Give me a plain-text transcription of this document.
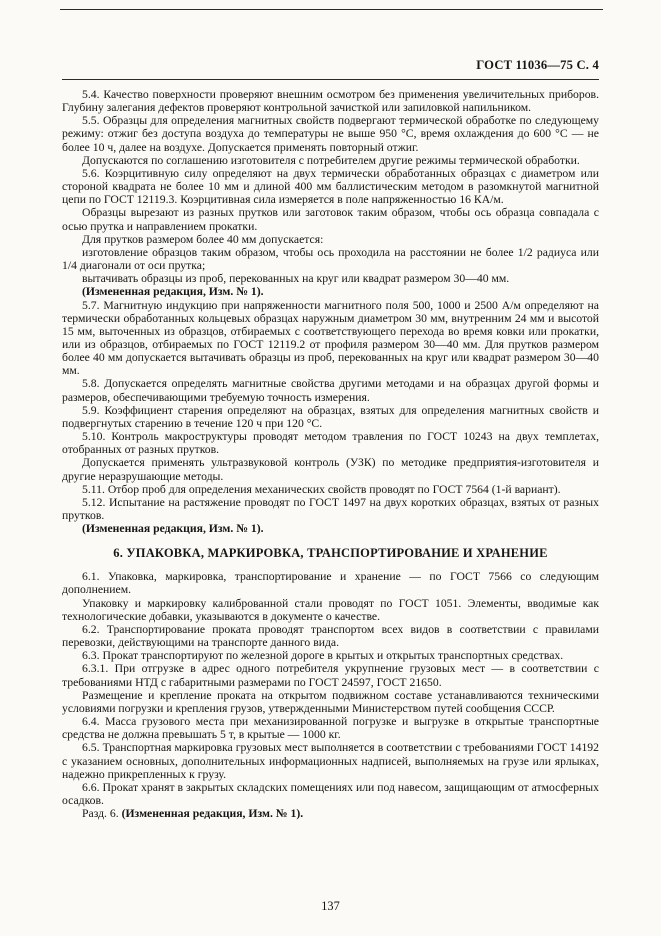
ГОСТ 11036—75 С. 4

5.4. Качество поверхности проверяют внешним осмотром без применения увеличительных приборов. Глубину залегания дефектов проверяют контрольной зачисткой или запиловкой напильником.

5.5. Образцы для определения магнитных свойств подвергают термической обработке по следующему режиму: отжиг без доступа воздуха до температуры не выше 950 °С, время охлаждения до 600 °С — не более 10 ч, далее на воздухе. Допускается применять повторный отжиг.

Допускаются по соглашению изготовителя с потребителем другие режимы термической обработки.

5.6. Коэрцитивную силу определяют на двух термически обработанных образцах с диаметром или стороной квадрата не более 10 мм и длиной 400 мм баллистическим методом в разомкнутой магнитной цепи по ГОСТ 12119.3. Коэрцитивная сила измеряется в поле напряженностью 16 КА/м.

Образцы вырезают из разных прутков или заготовок таким образом, чтобы ось образца совпадала с осью прутка и направлением прокатки.

Для прутков размером более 40 мм допускается:

изготовление образцов таким образом, чтобы ось проходила на расстоянии не более 1/2 радиуса или 1/4 диагонали от оси прутка;

вытачивать образцы из проб, перекованных на круг или квадрат размером 30—40 мм.

(Измененная редакция, Изм. № 1).

5.7. Магнитную индукцию при напряженности магнитного поля 500, 1000 и 2500 А/м определяют на термически обработанных кольцевых образцах наружным диаметром 30 мм, внутренним 24 мм и высотой 15 мм, выточенных из образцов, отбираемых с соответствующего перехода во время ковки или прокатки, или из образцов, отбираемых по ГОСТ 12119.2 от профиля размером 30—40 мм. Для прутков размером более 40 мм допускается вытачивать образцы из проб, перекованных на круг или квадрат размером 30—40 мм.

5.8. Допускается определять магнитные свойства другими методами и на образцах другой формы и размеров, обеспечивающими требуемую точность измерения.

5.9. Коэффициент старения определяют на образцах, взятых для определения магнитных свойств и подвергнутых старению в течение 120 ч при 120 °С.

5.10. Контроль макроструктуры проводят методом травления по ГОСТ 10243 на двух темплетах, отобранных от разных прутков.

Допускается применять ультразвуковой контроль (УЗК) по методике предприятия-изготовителя и другие неразрушающие методы.

5.11. Отбор проб для определения механических свойств проводят по ГОСТ 7564 (1-й вариант).

5.12. Испытание на растяжение проводят по ГОСТ 1497 на двух коротких образцах, взятых от разных прутков.

(Измененная редакция, Изм. № 1).

6. УПАКОВКА, МАРКИРОВКА, ТРАНСПОРТИРОВАНИЕ И ХРАНЕНИЕ

6.1. Упаковка, маркировка, транспортирование и хранение — по ГОСТ 7566 со следующим дополнением.

Упаковку и маркировку калиброванной стали проводят по ГОСТ 1051. Элементы, вводимые как технологические добавки, указываются в документе о качестве.

6.2. Транспортирование проката проводят транспортом всех видов в соответствии с правилами перевозки, действующими на транспорте данного вида.

6.3. Прокат транспортируют по железной дороге в крытых и открытых транспортных средствах.

6.3.1. При отгрузке в адрес одного потребителя укрупнение грузовых мест — в соответствии с требованиями НТД с габаритными размерами по ГОСТ 24597, ГОСТ 21650.

Размещение и крепление проката на открытом подвижном составе устанавливаются техническими условиями погрузки и крепления грузов, утвержденными Министерством путей сообщения СССР.

6.4. Масса грузового места при механизированной погрузке и выгрузке в открытые транспортные средства не должна превышать 5 т, в крытые — 1000 кг.

6.5. Транспортная маркировка грузовых мест выполняется в соответствии с требованиями ГОСТ 14192 с указанием основных, дополнительных информационных надписей, выполняемых на грузе или ярлыках, надежно прикрепленных к грузу.

6.6. Прокат хранят в закрытых складских помещениях или под навесом, защищающим от атмосферных осадков.

Разд. 6. (Измененная редакция, Изм. № 1).

137
